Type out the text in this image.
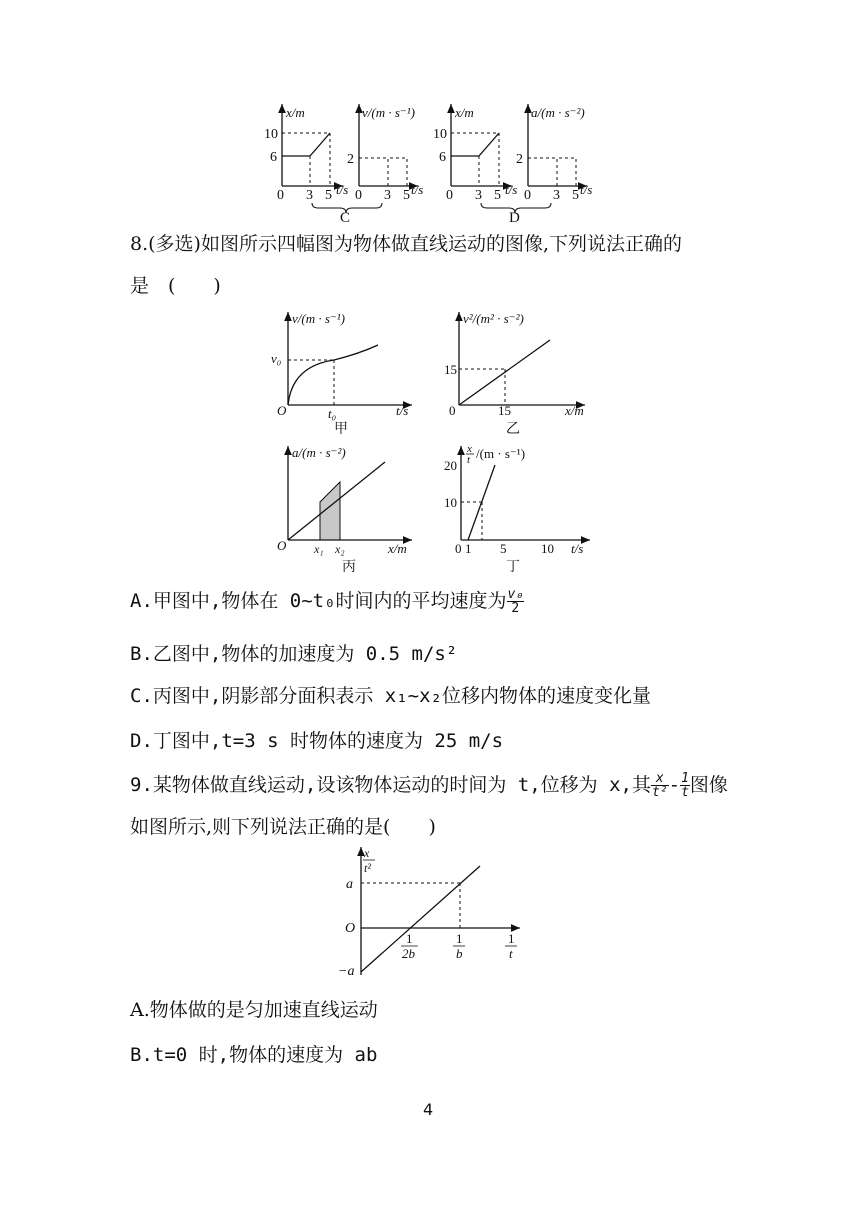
x/m
10
6
0 3 5 t/s
v/(m · s⁻¹)
2
0 3 5 t/s
C
x/m
10
6
0 3 5 t/s
a/(m · s⁻²)
2
0 3 5 t/s
D
8.(多选)如图所示四幅图为物体做直线运动的图像,下列说法正确的
是　(　　)
v/(m · s⁻¹)
v₀
O	t₀	t/s
甲
v²/(m² · s⁻²)
15
0	15	x/m
乙
a/(m · s⁻²)
O x₁ x₂	x/m
丙
x
t /(m · s⁻¹)
20
10
0 1 5	10 t/s
丁
A.甲图中,物体在 0~t₀时间内的平均速度为 $\frac{\text{v₀}}{2}$
B.乙图中,物体的加速度为 0.5 m/s²
C.丙图中,阴影部分面积表示 x₁~x₂位移内物体的速度变化量
D.丁图中,t=3 s 时物体的速度为 25 m/s
9.某物体做直线运动,设该物体运动的时间为 t,位移为 x,其 $\frac{x}{\text{t²}} - \frac{1}{t}$ 图像
如图所示,则下列说法正确的是(　　)
x
t²
a
O
−a
1
2b
1
b
1
t
A.物体做的是匀加速直线运动
B.t=0 时,物体的速度为 ab
4
